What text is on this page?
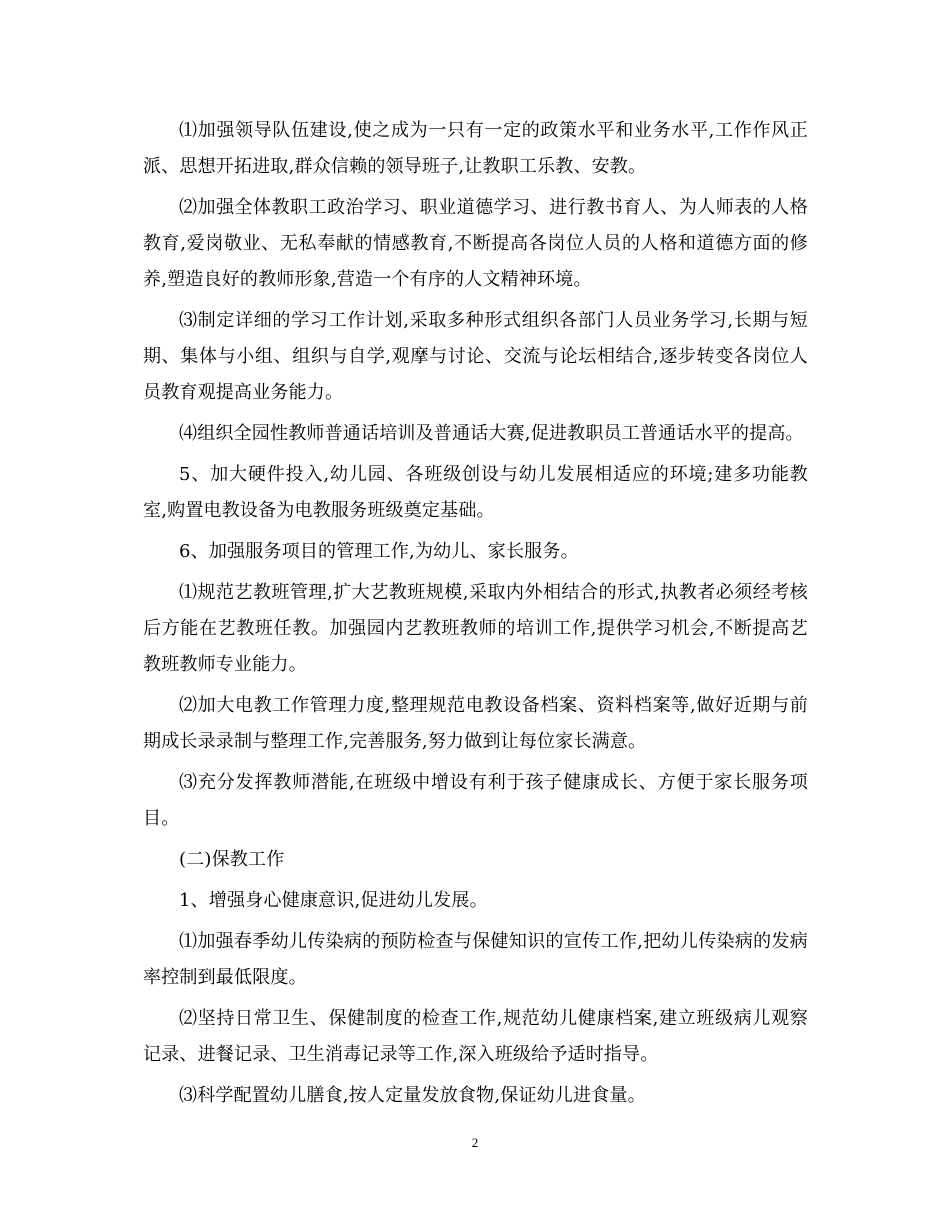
⑴加强领导队伍建设,使之成为一只有一定的政策水平和业务水平,工作作风正派、思想开拓进取,群众信赖的领导班子,让教职工乐教、安教。

⑵加强全体教职工政治学习、职业道德学习、进行教书育人、为人师表的人格教育,爱岗敬业、无私奉献的情感教育,不断提高各岗位人员的人格和道德方面的修养,塑造良好的教师形象,营造一个有序的人文精神环境。

⑶制定详细的学习工作计划,采取多种形式组织各部门人员业务学习,长期与短期、集体与小组、组织与自学,观摩与讨论、交流与论坛相结合,逐步转变各岗位人员教育观提高业务能力。

⑷组织全园性教师普通话培训及普通话大赛,促进教职员工普通话水平的提高。

5、加大硬件投入,幼儿园、各班级创设与幼儿发展相适应的环境;建多功能教室,购置电教设备为电教服务班级奠定基础。

6、加强服务项目的管理工作,为幼儿、家长服务。

⑴规范艺教班管理,扩大艺教班规模,采取内外相结合的形式,执教者必须经考核后方能在艺教班任教。加强园内艺教班教师的培训工作,提供学习机会,不断提高艺教班教师专业能力。

⑵加大电教工作管理力度,整理规范电教设备档案、资料档案等,做好近期与前期成长录录制与整理工作,完善服务,努力做到让每位家长满意。

⑶充分发挥教师潜能,在班级中增设有利于孩子健康成长、方便于家长服务项目。

(二)保教工作

1、增强身心健康意识,促进幼儿发展。

⑴加强春季幼儿传染病的预防检查与保健知识的宣传工作,把幼儿传染病的发病率控制到最低限度。

⑵坚持日常卫生、保健制度的检查工作,规范幼儿健康档案,建立班级病儿观察记录、进餐记录、卫生消毒记录等工作,深入班级给予适时指导。

⑶科学配置幼儿膳食,按人定量发放食物,保证幼儿进食量。

2
